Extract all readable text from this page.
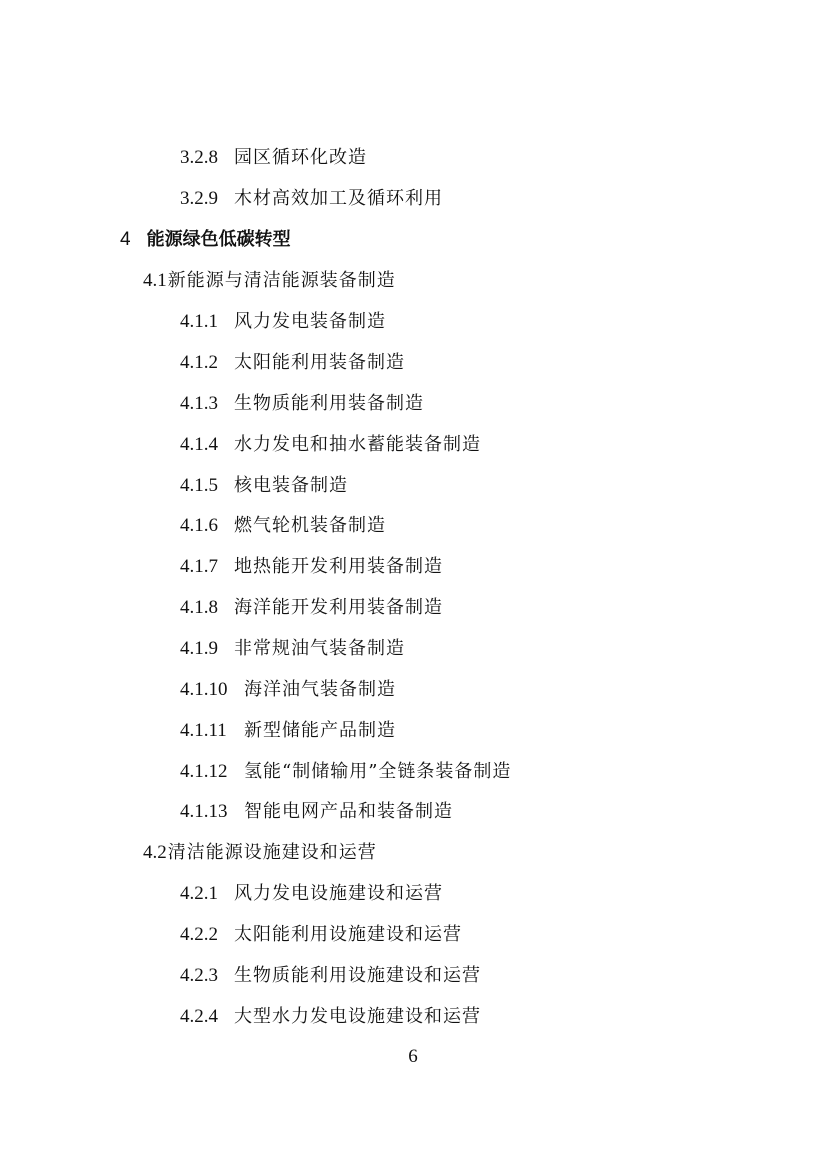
3.2.8 园区循环化改造
3.2.9 木材高效加工及循环利用
4 能源绿色低碳转型
4.1新能源与清洁能源装备制造
4.1.1 风力发电装备制造
4.1.2 太阳能利用装备制造
4.1.3 生物质能利用装备制造
4.1.4 水力发电和抽水蓄能装备制造
4.1.5 核电装备制造
4.1.6 燃气轮机装备制造
4.1.7 地热能开发利用装备制造
4.1.8 海洋能开发利用装备制造
4.1.9 非常规油气装备制造
4.1.10 海洋油气装备制造
4.1.11 新型储能产品制造
4.1.12 氢能“制储输用”全链条装备制造
4.1.13 智能电网产品和装备制造
4.2清洁能源设施建设和运营
4.2.1 风力发电设施建设和运营
4.2.2 太阳能利用设施建设和运营
4.2.3 生物质能利用设施建设和运营
4.2.4 大型水力发电设施建设和运营
6
